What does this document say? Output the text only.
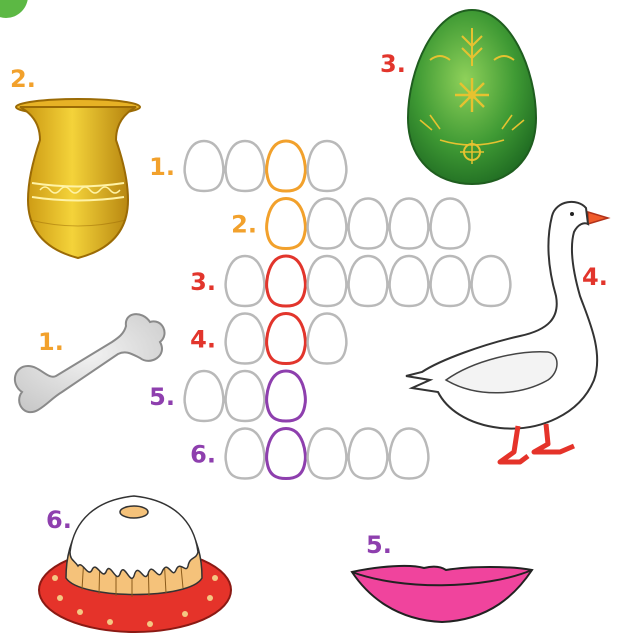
2.
3.
1.
4.
6.
5.
1.
2.
3.
4.
5.
6.
